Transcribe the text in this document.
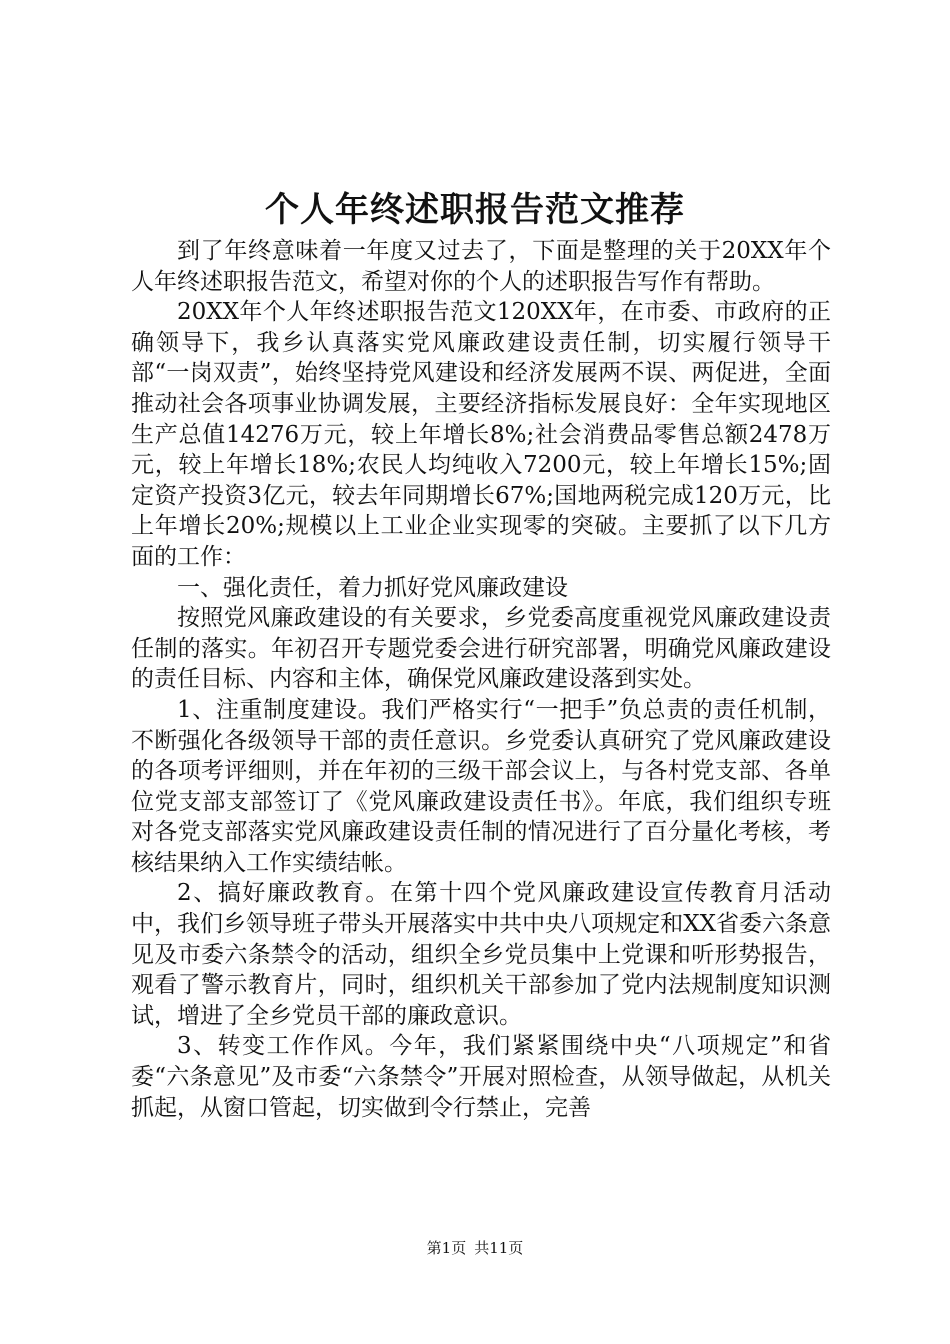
个人年终述职报告范文推荐

到了年终意味着一年度又过去了，下面是整理的关于20XX年个人年终述职报告范文，希望对你的个人的述职报告写作有帮助。

20XX年个人年终述职报告范文120XX年，在市委、市政府的正确领导下，我乡认真落实党风廉政建设责任制，切实履行领导干部“一岗双责”，始终坚持党风建设和经济发展两不误、两促进，全面推动社会各项事业协调发展，主要经济指标发展良好：全年实现地区生产总值14276万元，较上年增长8%;社会消费品零售总额2478万元，较上年增长18%;农民人均纯收入7200元，较上年增长15%;固定资产投资3亿元，较去年同期增长67%;国地两税完成120万元，比上年增长20%;规模以上工业企业实现零的突破。主要抓了以下几方面的工作：

一、强化责任，着力抓好党风廉政建设

按照党风廉政建设的有关要求，乡党委高度重视党风廉政建设责任制的落实。年初召开专题党委会进行研究部署，明确党风廉政建设的责任目标、内容和主体，确保党风廉政建设落到实处。

1、注重制度建设。我们严格实行“一把手”负总责的责任机制，不断强化各级领导干部的责任意识。乡党委认真研究了党风廉政建设的各项考评细则，并在年初的三级干部会议上，与各村党支部、各单位党支部支部签订了《党风廉政建设责任书》。年底，我们组织专班对各党支部落实党风廉政建设责任制的情况进行了百分量化考核，考核结果纳入工作实绩结帐。

2、搞好廉政教育。在第十四个党风廉政建设宣传教育月活动中，我们乡领导班子带头开展落实中共中央八项规定和XX省委六条意见及市委六条禁令的活动，组织全乡党员集中上党课和听形势报告，观看了警示教育片，同时，组织机关干部参加了党内法规制度知识测试，增进了全乡党员干部的廉政意识。

3、转变工作作风。今年，我们紧紧围绕中央“八项规定”和省委“六条意见”及市委“六条禁令”开展对照检查，从领导做起，从机关抓起，从窗口管起，切实做到令行禁止，完善

第1页 共11页
